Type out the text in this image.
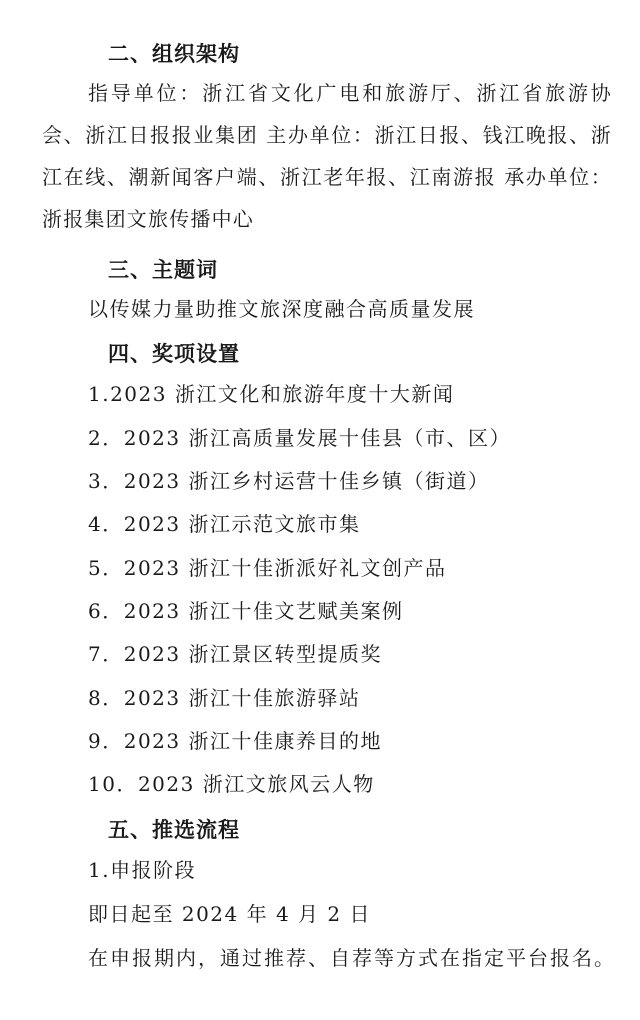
二、组织架构
指导单位：浙江省文化广电和旅游厅、浙江省旅游协会、浙江日报报业集团 主办单位：浙江日报、钱江晚报、浙江在线、潮新闻客户端、浙江老年报、江南游报 承办单位：浙报集团文旅传播中心
三、主题词
以传媒力量助推文旅深度融合高质量发展
四、奖项设置
1.2023 浙江文化和旅游年度十大新闻
2．2023 浙江高质量发展十佳县（市、区）
3．2023 浙江乡村运营十佳乡镇（街道）
4．2023 浙江示范文旅市集
5．2023 浙江十佳浙派好礼文创产品
6．2023 浙江十佳文艺赋美案例
7．2023 浙江景区转型提质奖
8．2023 浙江十佳旅游驿站
9．2023 浙江十佳康养目的地
10．2023 浙江文旅风云人物
五、推选流程
1.申报阶段
即日起至 2024 年 4 月 2 日
在申报期内，通过推荐、自荐等方式在指定平台报名。
